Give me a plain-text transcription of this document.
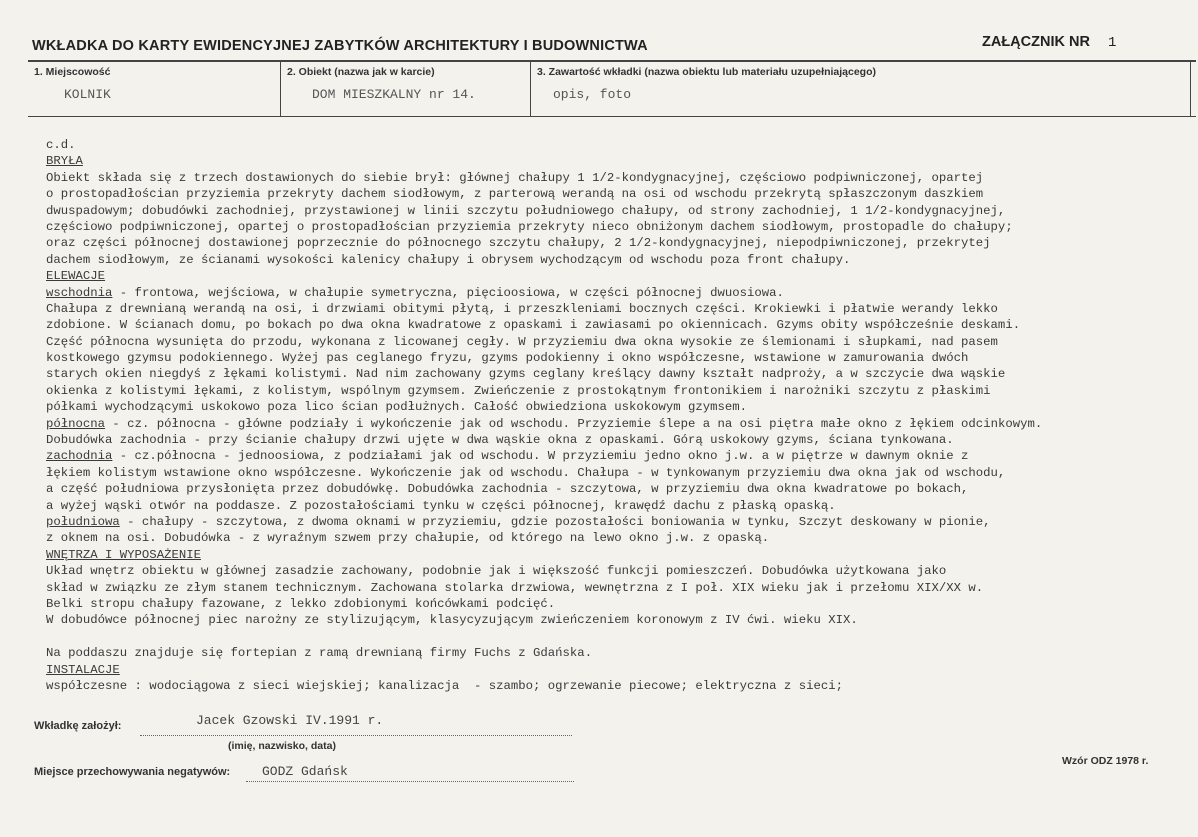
WKŁADKA DO KARTY EWIDENCYJNEJ ZABYTKÓW ARCHITEKTURY I BUDOWNICTWA	ZAŁĄCZNIK NR 1
1. Miejscowość
KOLNIK
2. Obiekt (nazwa jak w karcie)
DOM MIESZKALNY nr 14.
3. Zawartość wkładki (nazwa obiektu lub materiału uzupełniającego)
opis, foto
c.d.
BRYŁA
Obiekt składa się z trzech dostawionych do siebie brył: głównej chałupy 1 1/2-kondygnacyjnej, częściowo podpiwniczonej, opartej
o prostopadłościan przyziemia przekryty dachem siodłowym, z parterową werandą na osi od wschodu przekrytą spłaszczonym daszkiem
dwuspadowym; dobudówki zachodniej, przystawionej w linii szczytu południowego chałupy, od strony zachodniej, 1 1/2-kondygnacyjnej,
częściowo podpiwniczonej, opartej o prostopadłościan przyziemia przekryty nieco obniżonym dachem siodłowym, prostopadle do chałupy;
oraz części północnej dostawionej poprzecznie do północnego szczytu chałupy, 2 1/2-kondygnacyjnej, niepodpiwniczonej, przekrytej
dachem siodłowym, ze ścianami wysokości kalenicy chałupy i obrysem wychodzącym od wschodu poza front chałupy.
ELEWACJE
wschodnia - frontowa, wejściowa, w chałupie symetryczna, pięcioosiowa, w części północnej dwuosiowa.
Chałupa z drewnianą werandą na osi, i drzwiami obitymi płytą, i przeszkleniami bocznych części. Krokiewki i płatwie werandy lekko
zdobione. W ścianach domu, po bokach po dwa okna kwadratowe z opaskami i zawiasami po okiennicach. Gzyms obity współcześnie deskami.
Część północna wysunięta do przodu, wykonana z licowanej cegły. W przyziemiu dwa okna wysokie ze ślemionami i słupkami, nad pasem
kostkowego gzymsu podokiennego. Wyżej pas ceglanego fryzu, gzyms podokienny i okno współczesne, wstawione w zamurowania dwóch
starych okien niegdyś z łękami kolistymi. Nad nim zachowany gzyms ceglany kreślący dawny kształt nadproży, a w szczycie dwa wąskie
okienka z kolistymi łękami, z kolistym, wspólnym gzymsem. Zwieńczenie z prostokątnym frontonikiem i narożniki szczytu z płaskimi
półkami wychodzącymi uskokowo poza lico ścian podłużnych. Całość obwiedziona uskokowym gzymsem.
północna - cz. północna - główne podziały i wykończenie jak od wschodu. Przyziemie ślepe a na osi piętra małe okno z łękiem odcinkowym.
Dobudówka zachodnia - przy ścianie chałupy drzwi ujęte w dwa wąskie okna z opaskami. Górą uskokowy gzyms, ściana tynkowana.
zachodnia - cz.północna - jednoosiowa, z podziałami jak od wschodu. W przyziemiu jedno okno j.w. a w piętrze w dawnym oknie z
łękiem kolistym wstawione okno współczesne. Wykończenie jak od wschodu. Chałupa - w tynkowanym przyziemiu dwa okna jak od wschodu,
a część południowa przysłonięta przez dobudówkę. Dobudówka zachodnia - szczytowa, w przyziemiu dwa okna kwadratowe po bokach,
a wyżej wąski otwór na poddasze. Z pozostałościami tynku w części północnej, krawędź dachu z płaską opaską.
południowa - chałupy - szczytowa, z dwoma oknami w przyziemiu, gdzie pozostałości boniowania w tynku, Szczyt deskowany w pionie,
z oknem na osi. Dobudówka - z wyraźnym szwem przy chałupie, od którego na lewo okno j.w. z opaską.
WNĘTRZA I WYPOSAŻENIE
Układ wnętrz obiektu w głównej zasadzie zachowany, podobnie jak i większość funkcji pomieszczeń. Dobudówka użytkowana jako
skład w związku ze złym stanem technicznym. Zachowana stolarka drzwiowa, wewnętrzna z I poł. XIX wieku jak i przełomu XIX/XX w.
Belki stropu chałupy fazowane, z lekko zdobionymi końcówkami podcięć.
W dobudówce północnej piec narożny ze stylizującym, klasycyzującym zwieńczeniem koronowym z IV ćwi. wieku XIX.
Na poddaszu znajduje się fortepian z ramą drewnianą firmy Fuchs z Gdańska.
INSTALACJE
współczesne : wodociągowa z sieci wiejskiej; kanalizacja  - szambo; ogrzewanie piecowe; elektryczna z sieci;
Wkładkę założył:	Jacek Gzowski IV.1991 r.
(imię, nazwisko, data)
Miejsce przechowywania negatywów: GODZ Gdańsk
Wzór ODZ 1978 r.
